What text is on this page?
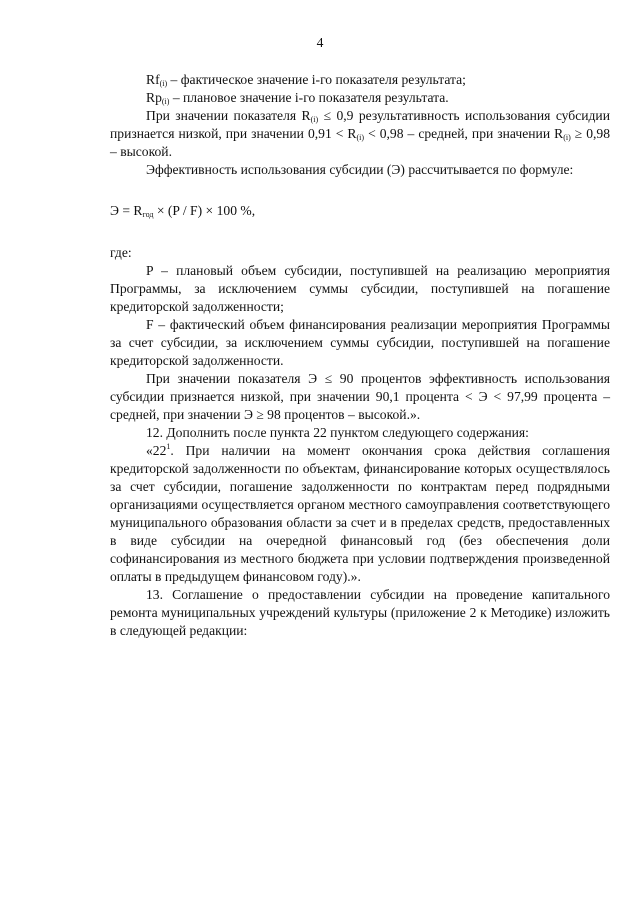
4

$Rf_{(i)}$ – фактическое значение i-го показателя результата;

$Rp_{(i)}$ – плановое значение i-го показателя результата.

При значении показателя $R_{(i)} \le 0,9$ результативность использования субсидии признается низкой, при значении $0,91 < R_{(i)} < 0,98$ – средней, при значении $R_{(i)} \ge 0,98$ – высокой.

Эффективность использования субсидии (Э) рассчитывается по формуле:

$Э = R_{год} \times (P / F) \times 100$ %,

где:

P – плановый объем субсидии, поступившей на реализацию мероприятия Программы, за исключением суммы субсидии, поступившей на погашение кредиторской задолженности;

F – фактический объем финансирования реализации мероприятия Программы за счет субсидии, за исключением суммы субсидии, поступившей на погашение кредиторской задолженности.

При значении показателя Э ≤ 90 процентов эффективность использования субсидии признается низкой, при значении 90,1 процента < Э < 97,99 процента – средней, при значении Э ≥ 98 процентов – высокой.».

12. Дополнить после пункта 22 пунктом следующего содержания:

«$22^1$. При наличии на момент окончания срока действия соглашения кредиторской задолженности по объектам, финансирование которых осуществлялось за счет субсидии, погашение задолженности по контрактам перед подрядными организациями осуществляется органом местного самоуправления соответствующего муниципального образования области за счет и в пределах средств, предоставленных в виде субсидии на очередной финансовый год (без обеспечения доли софинансирования из местного бюджета при условии подтверждения произведенной оплаты в предыдущем финансовом году).».

13. Соглашение о предоставлении субсидии на проведение капитального ремонта муниципальных учреждений культуры (приложение 2 к Методике) изложить в следующей редакции:
